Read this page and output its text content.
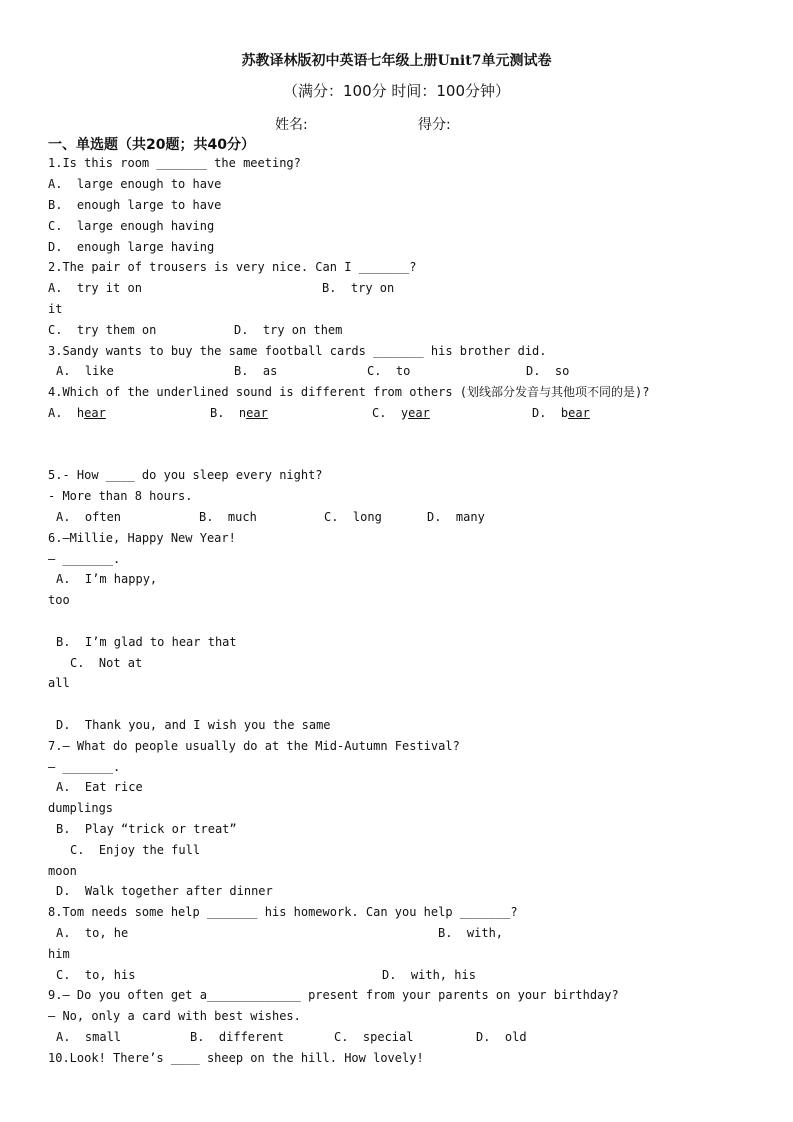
苏教译林版初中英语七年级上册Unit7单元测试卷
（满分：100分 时间：100分钟）
姓名:	得分:
一、单选题（共20题；共40分）
1.Is this room _______ the meeting?
A.  large enough to have
B.  enough large to have
C.  large enough having
D.  enough large having
2.The pair of trousers is very nice. Can I _______?
A.  try it on	B.  try on
it
C.  try them on	D.  try on them
3.Sandy wants to buy the same football cards _______ his brother did.
A.  like	B.  as	C.  to	D.  so
4.Which of the underlined sound is different from others (划线部分发音与其他项不同的是)?
A. hear	B. near	C. year	D. bear
5.- How ____ do you sleep every night?
- More than 8 hours.
A.  often	B.  much	C.  long	D.  many
6.—Millie, Happy New Year!
— _______.
A.  I’m happy,
too
B.  I’m glad to hear that
C.  Not at
all
D.  Thank you, and I wish you the same
7.— What do people usually do at the Mid-Autumn Festival?
— _______.
A.  Eat rice
dumplings
B.  Play “trick or treat”
C.  Enjoy the full
moon
D.  Walk together after dinner
8.Tom needs some help _______ his homework. Can you help _______?
A.  to, he	B.  with,
him
C.  to, his	D.  with, his
9.— Do you often get a_____________ present from your parents on your birthday?
— No, only a card with best wishes.
A.  small	B.  different	C.  special	D.  old
10.Look! There’s ____ sheep on the hill. How lovely!
